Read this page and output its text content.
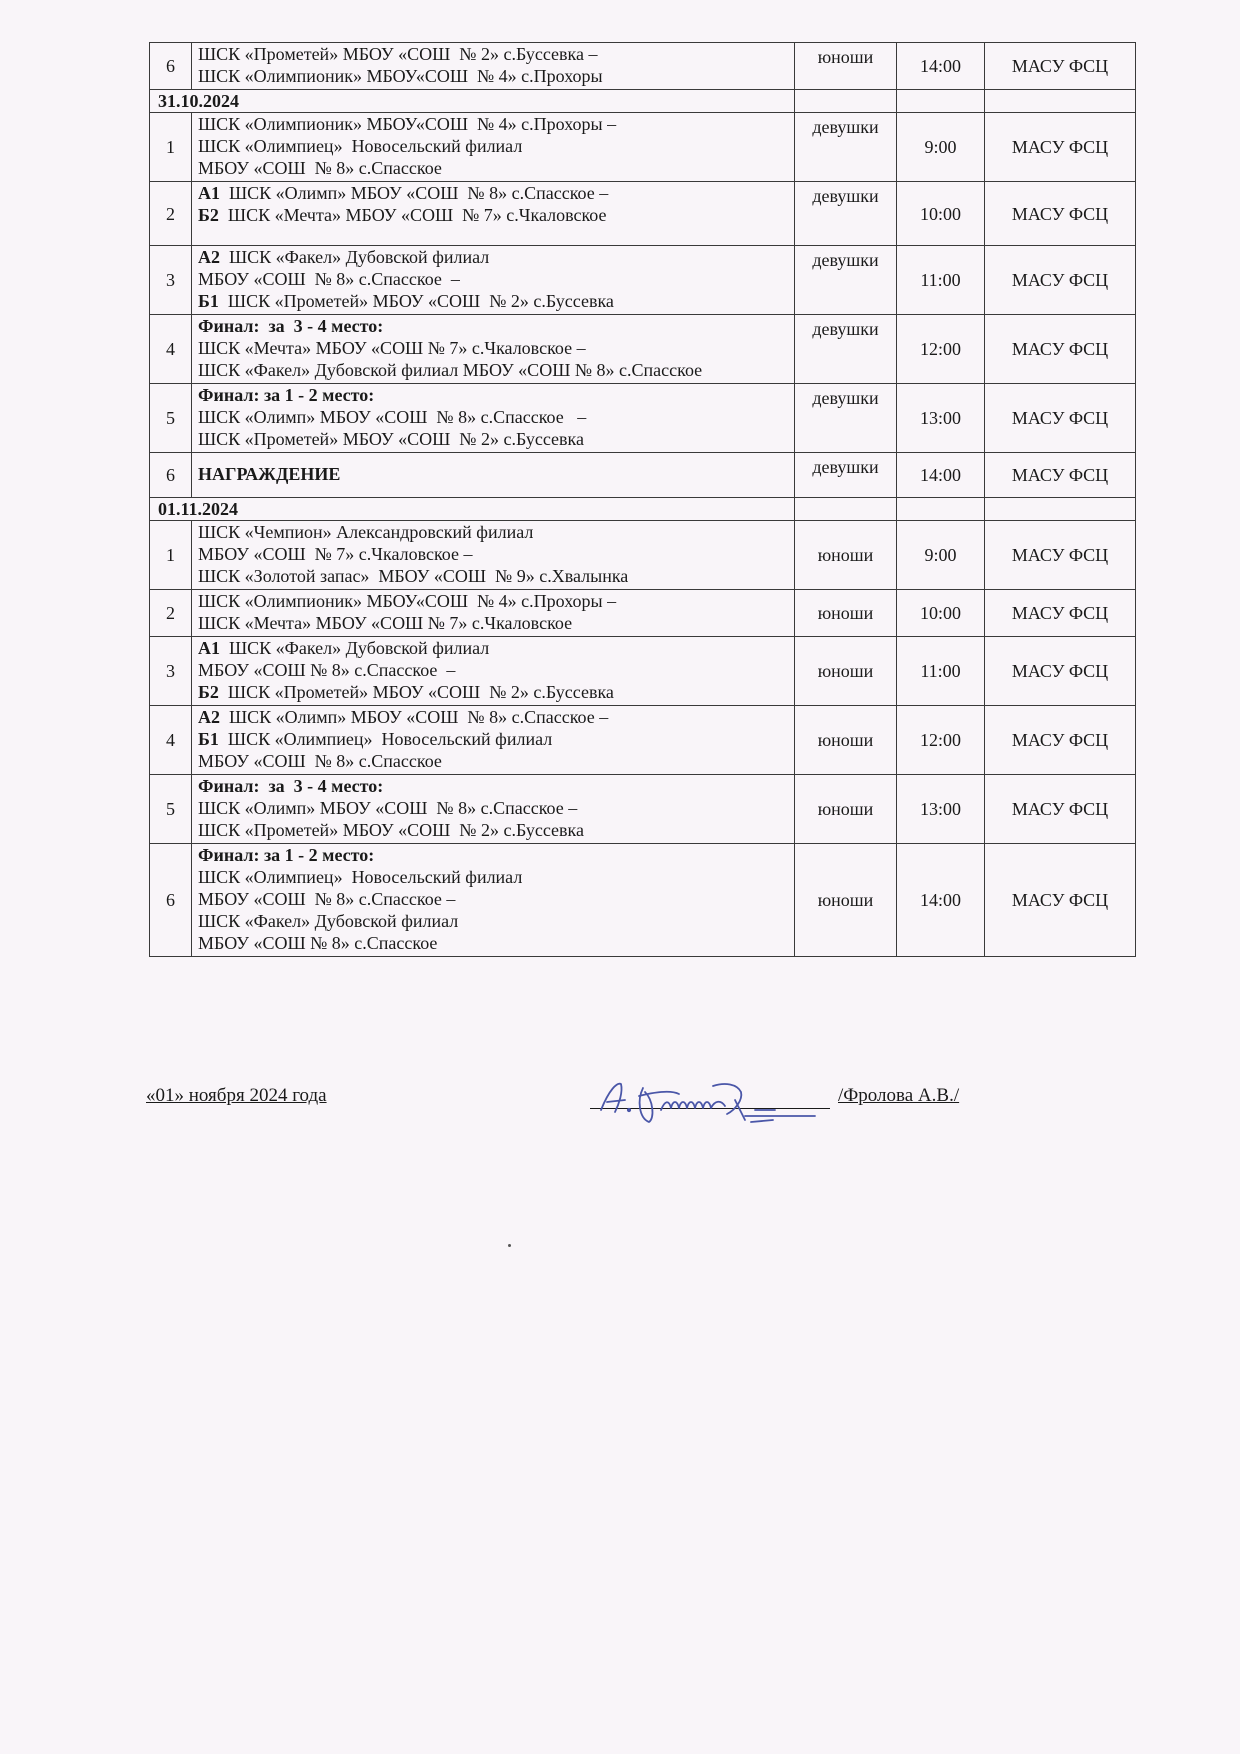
6	ШСК «Прометей» МБОУ «СОШ  № 2» с.Буссевка –
ШСК «Олимпионик» МБОУ«СОШ  № 4» с.Прохоры	юноши	14:00	МАСУ ФСЦ
31.10.2024				
1	ШСК «Олимпионик» МБОУ«СОШ  № 4» с.Прохоры –
ШСК «Олимпиец»  Новосельский филиал
МБОУ «СОШ  № 8» с.Спасское	девушки	9:00	МАСУ ФСЦ
2	А1  ШСК «Олимп» МБОУ «СОШ  № 8» с.Спасское –
Б2  ШСК «Мечта» МБОУ «СОШ  № 7» с.Чкаловское	девушки	10:00	МАСУ ФСЦ
3	А2  ШСК «Факел» Дубовской филиал
МБОУ «СОШ  № 8» с.Спасское  –
Б1  ШСК «Прометей» МБОУ «СОШ  № 2» с.Буссевка	девушки	11:00	МАСУ ФСЦ
4	Финал:  за  3 - 4 место:
ШСК «Мечта» МБОУ «СОШ № 7» с.Чкаловское –
ШСК «Факел» Дубовской филиал МБОУ «СОШ № 8» с.Спасское	девушки	12:00	МАСУ ФСЦ
5	Финал: за 1 - 2 место:
ШСК «Олимп» МБОУ «СОШ  № 8» с.Спасское   –
ШСК «Прометей» МБОУ «СОШ  № 2» с.Буссевка	девушки	13:00	МАСУ ФСЦ
6	НАГРАЖДЕНИЕ	девушки	14:00	МАСУ ФСЦ
01.11.2024				
1	ШСК «Чемпион» Александровский филиал
МБОУ «СОШ  № 7» с.Чкаловское –
ШСК «Золотой запас»  МБОУ «СОШ  № 9» с.Хвалынка	юноши	9:00	МАСУ ФСЦ
2	ШСК «Олимпионик» МБОУ«СОШ  № 4» с.Прохоры –
ШСК «Мечта» МБОУ «СОШ № 7» с.Чкаловское	юноши	10:00	МАСУ ФСЦ
3	А1  ШСК «Факел» Дубовской филиал
МБОУ «СОШ № 8» с.Спасское  –
Б2  ШСК «Прометей» МБОУ «СОШ  № 2» с.Буссевка	юноши	11:00	МАСУ ФСЦ
4	А2  ШСК «Олимп» МБОУ «СОШ  № 8» с.Спасское –
Б1  ШСК «Олимпиец»  Новосельский филиал
МБОУ «СОШ  № 8» с.Спасское	юноши	12:00	МАСУ ФСЦ
5	Финал:  за  3 - 4 место:
ШСК «Олимп» МБОУ «СОШ  № 8» с.Спасское –
ШСК «Прометей» МБОУ «СОШ  № 2» с.Буссевка	юноши	13:00	МАСУ ФСЦ
6	Финал: за 1 - 2 место:
ШСК «Олимпиец»  Новосельский филиал
МБОУ «СОШ  № 8» с.Спасское –
ШСК «Факел» Дубовской филиал
МБОУ «СОШ № 8» с.Спасское	юноши	14:00	МАСУ ФСЦ
«01» ноября 2024 года	/Фролова А.В./
